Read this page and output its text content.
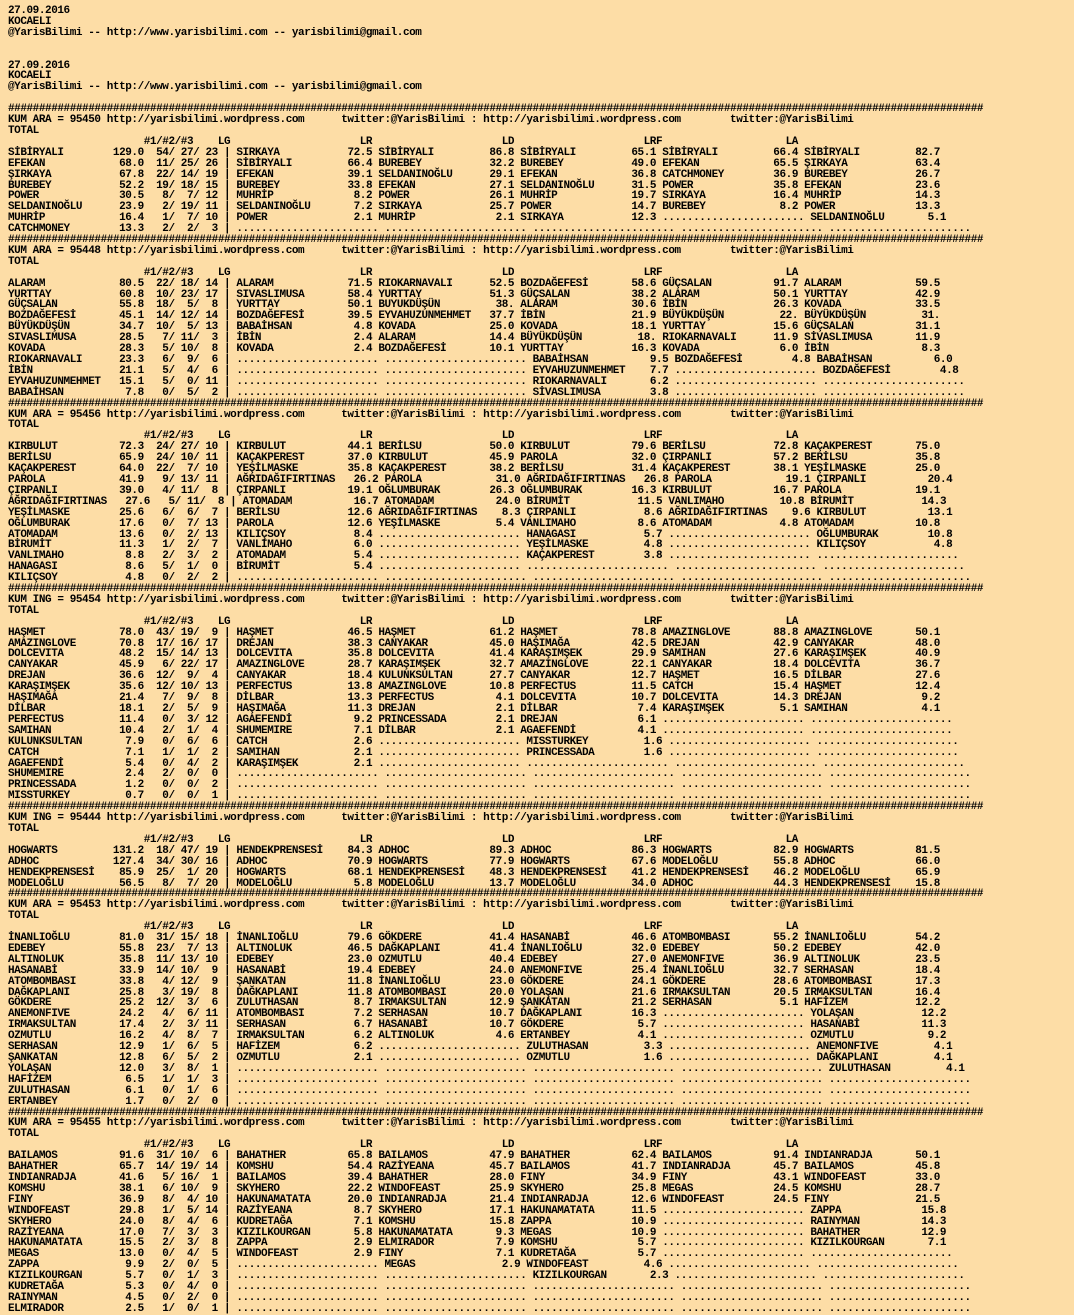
27.09.2016
KOCAELI
@YarisBilimi -- http://www.yarisbilimi.com -- yarisbilimi@gmail.com

27.09.2016
KOCAELI
@YarisBilimi -- http://www.yarisbilimi.com -- yarisbilimi@gmail.com

##############################################################################################################################################################
KUM ARA = 95450 http://yarisbilimi.wordpress.com      twitter:@YarisBilimi : http://yarisbilimi.wordpress.com        twitter:@YarisBilimi
TOTAL
#1/#2/#3    LG                     LR                     LD                     LRF                    LA
SİBİRYALI        129.0  54/ 27/ 23 | SIRKAYA           72.5 SİBİRYALI         86.8 SİBİRYALI         65.1 SİBİRYALI         66.4 SİBİRYALI         82.7
EFEKAN            68.0  11/ 25/ 26 | SİBİRYALI         66.4 BUREBEY           32.2 BUREBEY           49.0 EFEKAN            65.5 ŞIRKAYA           63.4
ŞIRKAYA           67.8  22/ 14/ 19 | EFEKAN            39.1 SELDANINOĞLU      29.1 EFEKAN            36.8 CATCHMONEY        36.9 BUREBEY           26.7
BUREBEY           52.2  19/ 18/ 15 | BUREBEY           33.8 EFEKAN            27.1 SELDANINOĞLU      31.5 POWER             35.8 EFEKAN            23.6
POWER             30.5   8/  7/ 12 | MUHRİP             8.2 POWER             26.1 MUHRİP            19.7 SIRKAYA           16.4 MUHRİP            14.3
SELDANINOĞLU      23.9   2/ 19/ 11 | SELDANINOĞLU       7.2 SIRKAYA           25.7 POWER             14.7 BUREBEY            8.2 POWER             13.3
MUHRİP            16.4   1/  7/ 10 | POWER              2.1 MUHRİP             2.1 SIRKAYA           12.3 ....................... SELDANINOĞLU       5.1
CATCHMONEY        13.3   2/  2/  3 | ....................... ....................... ....................... ....................... .......................
##############################################################################################################################################################
KUM ARA = 95448 http://yarisbilimi.wordpress.com      twitter:@YarisBilimi : http://yarisbilimi.wordpress.com        twitter:@YarisBilimi
TOTAL
#1/#2/#3    LG                     LR                     LD                     LRF                    LA
ALARAM            80.5  22/ 18/ 14 | ALARAM            71.5 RIOKARNAVALI      52.5 BOZDAĞEFESİ       58.6 GÜÇSALAN          91.7 ALARAM            59.5
YURTTAY           60.8  10/ 23/ 17 | SIVASLIMUSA       58.4 YURTTAY           51.3 GÜÇSALAN          38.2 ALARAM            50.1 YURTTAY           42.9
GÜÇSALAN          55.8  18/  5/  8 | YURTTAY           50.1 BUYUKDÜŞÜN         38. ALARAM            30.6 İBİN              26.3 KOVADA            33.5
BOZDAĞEFESİ       45.1  14/ 12/ 14 | BOZDAĞEFESİ       39.5 EYVAHUZUNMEHMET   37.7 İBİN              21.9 BÜYÜKDÜŞÜN         22. BÜYÜKDÜŞÜN         31.
BÜYÜKDÜŞÜN        34.7  10/  5/ 13 | BABAİHSAN          4.8 KOVADA            25.0 KOVADA            18.1 YURTTAY           15.6 GÜÇSALAN          31.1
SIVASLIMUSA       28.5   7/ 11/  3 | İBİN               2.4 ALARAM            14.4 BÜYÜKDÜŞÜN         18. RIOKARNAVALI      11.9 SİVASLIMUSA       11.9
KOVADA            28.3   5/ 10/  8 | KOVADA             2.4 BOZDAĞEFESİ       10.1 YURTTAY           16.3 KOVADA             6.0 İBİN               8.3
RIOKARNAVALI      23.3   6/  9/  6 | ....................... ....................... BABAİHSAN          9.5 BOZDAĞEFESİ        4.8 BABAİHSAN          6.0
İBİN              21.1   5/  4/  6 | ....................... ....................... EYVAHUZUNMEHMET    7.7 ....................... BOZDAĞEFESİ        4.8
EYVAHUZUNMEHMET   15.1   5/  0/ 11 | ....................... ....................... RIOKARNAVALI       6.2 ....................... .......................
BABAİHSAN          7.8   0/  5/  2 | ....................... ....................... SİVASLIMUSA        3.8 ....................... .......................
##############################################################################################################################################################
KUM ARA = 95456 http://yarisbilimi.wordpress.com      twitter:@YarisBilimi : http://yarisbilimi.wordpress.com        twitter:@YarisBilimi
TOTAL
#1/#2/#3    LG                     LR                     LD                     LRF                    LA
KIRBULUT          72.3  24/ 27/ 10 | KIRBULUT          44.1 BERİLSU           50.0 KIRBULUT          79.6 BERİLSU           72.8 KAÇAKPEREST       75.0
BERİLSU           65.9  24/ 10/ 11 | KAÇAKPEREST       37.0 KIRBULUT          45.9 PAROLA            32.0 ÇIRPANLI          57.2 BERİLSU           35.8
KAÇAKPEREST       64.0  22/  7/ 10 | YEŞİLMASKE        35.8 KAÇAKPEREST       38.2 BERİLSU           31.4 KAÇAKPEREST       38.1 YEŞİLMASKE        25.0
PAROLA            41.9   9/ 13/ 11 | AĞRIDAĞIFIRTINAS   26.2 PAROLA            31.0 AĞRIDAĞIFIRTINAS   26.8 PAROLA            19.1 ÇIRPANLI          20.4
ÇIRPANLI          39.0   4/ 11/  8 | ÇIRPANLI          19.1 OĞLUMBURAK        26.3 OĞLUMBURAK        16.3 KIRBULUT          16.7 PAROLA            19.1
AĞRIDAĞIFIRTINAS   27.6   5/ 11/  8 | ATOMADAM          16.7 ATOMADAM          24.0 BİRUMİT           11.5 VANLIMAHO         10.8 BİRUMİT           14.3
YEŞİLMASKE        25.6   6/  6/  7 | BERİLSU           12.6 AĞRIDAĞIFIRTINAS    8.3 ÇIRPANLI           8.6 AĞRIDAĞIFIRTINAS    9.6 KIRBULUT          13.1
OĞLUMBURAK        17.6   0/  7/ 13 | PAROLA            12.6 YEŞİLMASKE         5.4 VANLIMAHO          8.6 ATOMADAM           4.8 ATOMADAM          10.8
ATOMADAM          13.6   0/  2/ 13 | KILIÇSOY           8.4 ....................... HANAGASI           5.7 ....................... OĞLUMBURAK        10.8
BİRUMİT           11.3   1/  2/  7 | VANLIMAHO          6.0 ....................... YEŞİLMASKE         4.8 ....................... KILIÇSOY           4.8
VANLIMAHO          8.8   2/  3/  2 | ATOMADAM           5.4 ....................... KAÇAKPEREST        3.8 ....................... .......................
HANAGASI           8.6   5/  1/  0 | BİRUMİT            5.4 ....................... ....................... ....................... .......................
KILIÇSOY           4.8   0/  2/  2 | ....................... ....................... ....................... ....................... .......................
##############################################################################################################################################################
KUM ING = 95454 http://yarisbilimi.wordpress.com      twitter:@YarisBilimi : http://yarisbilimi.wordpress.com        twitter:@YarisBilimi
TOTAL
#1/#2/#3    LG                     LR                     LD                     LRF                    LA
HAŞMET            78.0  43/ 19/  9 | HAŞMET            46.5 HAŞMET            61.2 HAŞMET            78.8 AMAZINGLOVE       88.8 AMAZINGLOVE       50.1
AMAZINGLOVE       70.8  17/ 16/ 17 | DREJAN            38.3 CANYAKAR          45.0 HAŞIMAĞA          42.5 DREJAN            42.9 CANYAKAR          48.0
DOLCEVITA         48.2  15/ 14/ 13 | DOLCEVITA         35.8 DOLCEVITA         41.4 KARAŞIMŞEK        29.9 SAMIHAN           27.6 KARAŞIMŞEK        40.9
CANYAKAR          45.9   6/ 22/ 17 | AMAZINGLOVE       28.7 KARAŞIMŞEK        32.7 AMAZINGLOVE       22.1 CANYAKAR          18.4 DOLCEVITA         36.7
DREJAN            36.6  12/  9/  4 | CANYAKAR          18.4 KULUNKSULTAN      27.7 CANYAKAR          12.7 HAŞMET            16.5 DİLBAR            27.6
KARAŞIMŞEK        35.6  12/ 10/ 13 | PERFECTUS         13.8 AMAZINGLOVE       10.8 PERFECTUS         11.5 CATCH             15.4 HAŞMET            12.4
HAŞIMAĞA          21.4   7/  9/  8 | DİLBAR            13.3 PERFECTUS          4.1 DOLCEVITA         10.7 DOLCEVITA         14.3 DREJAN             9.2
DİLBAR            18.1   2/  5/  9 | HAŞIMAĞA          11.3 DREJAN             2.1 DİLBAR             7.4 KARAŞIMŞEK         5.1 SAMIHAN            4.1
PERFECTUS         11.4   0/  3/ 12 | AGAEFENDİ          9.2 PRINCESSADA        2.1 DREJAN             6.1 ....................... .......................
SAMIHAN           10.4   2/  1/  4 | SHUMEMIRE          7.1 DİLBAR             2.1 AGAEFENDİ          4.1 ....................... .......................
KULUNKSULTAN       7.9   0/  6/  6 | CATCH              2.6 ....................... MISSTURKEY         1.6 ....................... .......................
CATCH              7.1   1/  1/  2 | SAMIHAN            2.1 ....................... PRINCESSADA        1.6 ....................... .......................
AGAEFENDİ          5.4   0/  4/  2 | KARAŞIMŞEK         2.1 ....................... ....................... ....................... .......................
SHUMEMIRE          2.4   2/  0/  0 | ....................... ....................... ....................... ....................... .......................
PRINCESSADA        1.2   0/  0/  2 | ....................... ....................... ....................... ....................... .......................
MISSTURKEY         0.7   0/  0/  1 | ....................... ....................... ....................... ....................... .......................
##############################################################################################################################################################
KUM ING = 95444 http://yarisbilimi.wordpress.com      twitter:@YarisBilimi : http://yarisbilimi.wordpress.com        twitter:@YarisBilimi
TOTAL
#1/#2/#3    LG                     LR                     LD                     LRF                    LA
HOGWARTS         131.2  18/ 47/ 19 | HENDEKPRENSESİ    84.3 ADHOC             89.3 ADHOC             86.3 HOGWARTS          82.9 HOGWARTS          81.5
ADHOC            127.4  34/ 30/ 16 | ADHOC             70.9 HOGWARTS          77.9 HOGWARTS          67.6 MODELOĞLU         55.8 ADHOC             66.0
HENDEKPRENSESİ    85.9  25/  1/ 20 | HOGWARTS          68.1 HENDEKPRENSESİ    48.3 HENDEKPRENSESİ    41.2 HENDEKPRENSESİ    46.2 MODELOĞLU         65.9
MODELOĞLU         56.5   8/  7/ 20 | MODELOĞLU          5.8 MODELOĞLU         13.7 MODELOĞLU         34.0 ADHOC             44.3 HENDEKPRENSESİ    15.8
##############################################################################################################################################################
KUM ARA = 95453 http://yarisbilimi.wordpress.com      twitter:@YarisBilimi : http://yarisbilimi.wordpress.com        twitter:@YarisBilimi
TOTAL
#1/#2/#3    LG                     LR                     LD                     LRF                    LA
İNANLIOĞLU        81.0  31/ 15/ 18 | İNANLIOĞLU        79.6 GÖKDERE           41.4 HASANABİ          46.6 ATOMBOMBASI       55.2 İNANLIOĞLU        54.2
EDEBEY            55.8  23/  7/ 13 | ALTINOLUK         46.5 DAĞKAPLANI        41.4 İNANLIOĞLU        32.0 EDEBEY            50.2 EDEBEY            42.0
ALTINOLUK         35.8  11/ 13/ 10 | EDEBEY            23.0 OZMUTLU           40.4 EDEBEY            27.0 ANEMONFIVE        36.9 ALTINOLUK         23.5
HASANABİ          33.9  14/ 10/  9 | HASANABİ          19.4 EDEBEY            24.0 ANEMONFIVE        25.4 İNANLIOĞLU        32.7 SERHASAN          18.4
ATOMBOMBASI       33.8   4/ 12/  9 | ŞANKATAN          11.8 İNANLIOĞLU        23.0 GÖKDERE           24.1 GÖKDERE           28.6 ATOMBOMBASI       17.3
DAĞKAPLANI        25.8   3/ 19/  8 | DAĞKAPLANI        11.8 ATOMBOMBASI       20.0 YOLAŞAN           21.6 IRMAKSULTAN       20.5 IRMAKSULTAN       16.4
GÖKDERE           25.2  12/  3/  6 | ZULUTHASAN         8.7 IRMAKSULTAN       12.9 ŞANKATAN          21.2 SERHASAN           5.1 HAFİZEM           12.2
ANEMONFIVE        24.2   4/  6/ 11 | ATOMBOMBASI        7.2 SERHASAN          10.7 DAĞKAPLANI        16.3 ....................... YOLAŞAN           12.2
IRMAKSULTAN       17.4   2/  3/ 11 | SERHASAN           6.7 HASANABİ          10.7 GÖKDERE            5.7 ....................... HASANABİ          11.3
OZMUTLU           16.2   4/  8/  7 | IRMAKSULTAN        6.2 ALTINOLUK          4.6 ERTANBEY           4.1 ....................... OZMUTLU            9.2
SERHASAN          12.9   1/  6/  5 | HAFİZEM            6.2 ....................... ZULUTHASAN         3.3 ....................... ANEMONFIVE         4.1
ŞANKATAN          12.8   6/  5/  2 | OZMUTLU            2.1 ....................... OZMUTLU            1.6 ....................... DAĞKAPLANI         4.1
YOLAŞAN           12.0   3/  8/  1 | ....................... ....................... ....................... ....................... ZULUTHASAN         4.1
HAFİZEM            6.5   1/  1/  3 | ....................... ....................... ....................... ....................... .......................
ZULUTHASAN         6.1   0/  1/  6 | ....................... ....................... ....................... ....................... .......................
ERTANBEY           1.7   0/  2/  0 | ....................... ....................... ....................... ....................... .......................
##############################################################################################################################################################
KUM ARA = 95455 http://yarisbilimi.wordpress.com      twitter:@YarisBilimi : http://yarisbilimi.wordpress.com        twitter:@YarisBilimi
TOTAL
#1/#2/#3    LG                     LR                     LD                     LRF                    LA
BAILAMOS          91.6  31/ 10/  6 | BAHATHER          65.8 BAILAMOS          47.9 BAHATHER          62.4 BAILAMOS          91.4 INDIANRADJA       50.1
BAHATHER          65.7  14/ 19/ 14 | KOMSHU            54.4 RAZİYEANA         45.7 BAILAMOS          41.7 INDIANRADJA       45.7 BAILAMOS          45.8
INDIANRADJA       41.6   5/ 16/  1 | BAILAMOS          39.4 BAHATHER          28.0 FINY              34.9 FINY              43.1 WINDOFEAST        33.0
KOMSHU            38.1   6/ 10/  9 | SKYHERO           22.2 WINDOFEAST        25.9 SKYHERO           25.8 MEGAS             24.5 KOMSHU            28.7
FINY              36.9   8/  4/ 10 | HAKUNAMATATA      20.0 INDIANRADJA       21.4 INDIANRADJA       12.6 WINDOFEAST        24.5 FINY              21.5
WINDOFEAST        29.8   1/  5/ 14 | RAZİYEANA          8.7 SKYHERO           17.1 HAKUNAMATATA      11.5 ....................... ZAPPA             15.8
SKYHERO           24.0   8/  4/  6 | KUDRETAĞA          7.1 KOMSHU            15.8 ZAPPA             10.9 ....................... RAINYMAN          14.3
RAZİYEANA         17.0   7/  3/  3 | KIZILKOURGAN       5.8 HAKUNAMATATA       9.3 MEGAS             10.9 ....................... BAHATHER          12.9
HAKUNAMATATA      15.5   2/  3/  8 | ZAPPA              2.9 ELMIRADOR          7.9 KOMSHU             5.7 ....................... KIZILKOURGAN       7.1
MEGAS             13.0   0/  4/  5 | WINDOFEAST         2.9 FINY               7.1 KUDRETAĞA          5.7 ....................... .......................
ZAPPA              9.9   2/  0/  5 | ....................... MEGAS              2.9 WINDOFEAST         4.6 ....................... .......................
KIZILKOURGAN       5.7   0/  1/  3 | ....................... ....................... KIZILKOURGAN       2.3 ....................... .......................
KUDRETAĞA          5.3   0/  4/  0 | ....................... ....................... ....................... ....................... .......................
RAINYMAN           4.5   0/  2/  0 | ....................... ....................... ....................... ....................... .......................
ELMIRADOR          2.5   1/  0/  1 | ....................... ....................... ....................... ....................... .......................
